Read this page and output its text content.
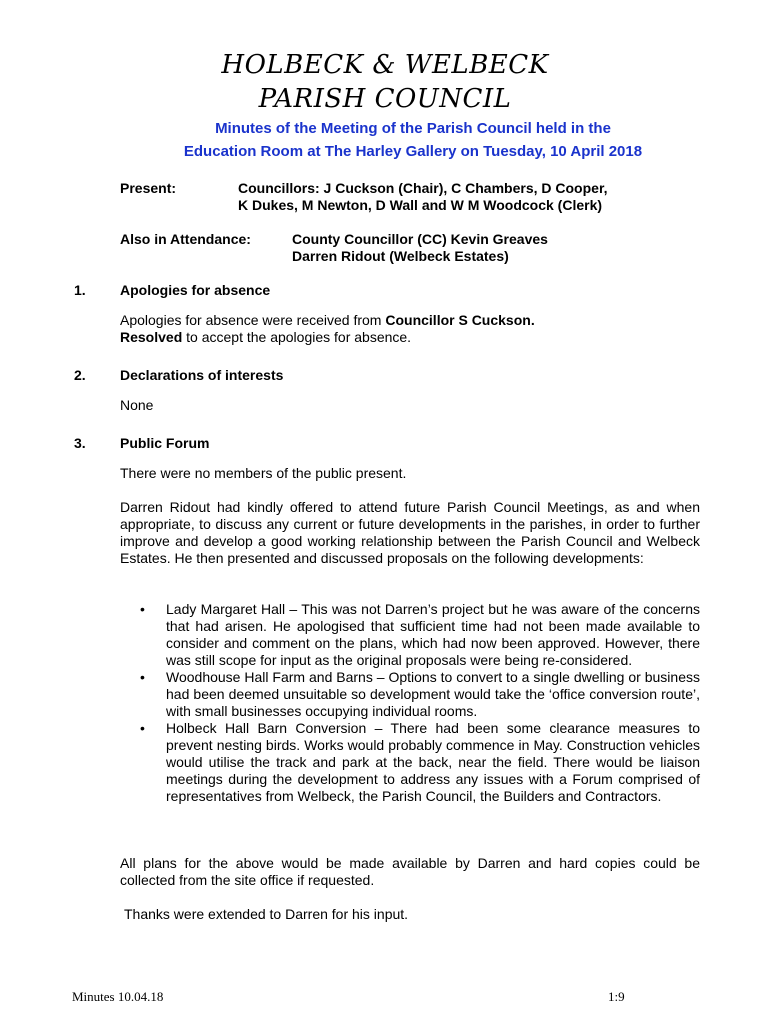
HOLBECK & WELBECK
PARISH COUNCIL
Minutes of the Meeting of the Parish Council held in the
Education Room at The Harley Gallery on Tuesday, 10 April 2018
Present:	Councillors: J Cuckson (Chair), C Chambers, D Cooper,
K Dukes, M Newton, D Wall and W M Woodcock (Clerk)
Also in Attendance:	County Councillor (CC) Kevin Greaves
Darren Ridout (Welbeck Estates)
1. Apologies for absence
Apologies for absence were received from Councillor S Cuckson.
Resolved to accept the apologies for absence.
2. Declarations of interests
None
3. Public Forum
There were no members of the public present.
Darren Ridout had kindly offered to attend future Parish Council Meetings, as and when appropriate, to discuss any current or future developments in the parishes, in order to further improve and develop a good working relationship between the Parish Council and Welbeck Estates. He then presented and discussed proposals on the following developments:
•	Lady Margaret Hall – This was not Darren’s project but he was aware of the concerns that had arisen. He apologised that sufficient time had not been made available to consider and comment on the plans, which had now been approved. However, there was still scope for input as the original proposals were being re-considered.
•	Woodhouse Hall Farm and Barns – Options to convert to a single dwelling or business had been deemed unsuitable so development would take the ‘office conversion route’, with small businesses occupying individual rooms.
•	Holbeck Hall Barn Conversion – There had been some clearance measures to prevent nesting birds. Works would probably commence in May. Construction vehicles would utilise the track and park at the back, near the field. There would be liaison meetings during the development to address any issues with a Forum comprised of representatives from Welbeck, the Parish Council, the Builders and Contractors.
All plans for the above would be made available by Darren and hard copies could be collected from the site office if requested.
Thanks were extended to Darren for his input.
Minutes 10.04.18	1:9
